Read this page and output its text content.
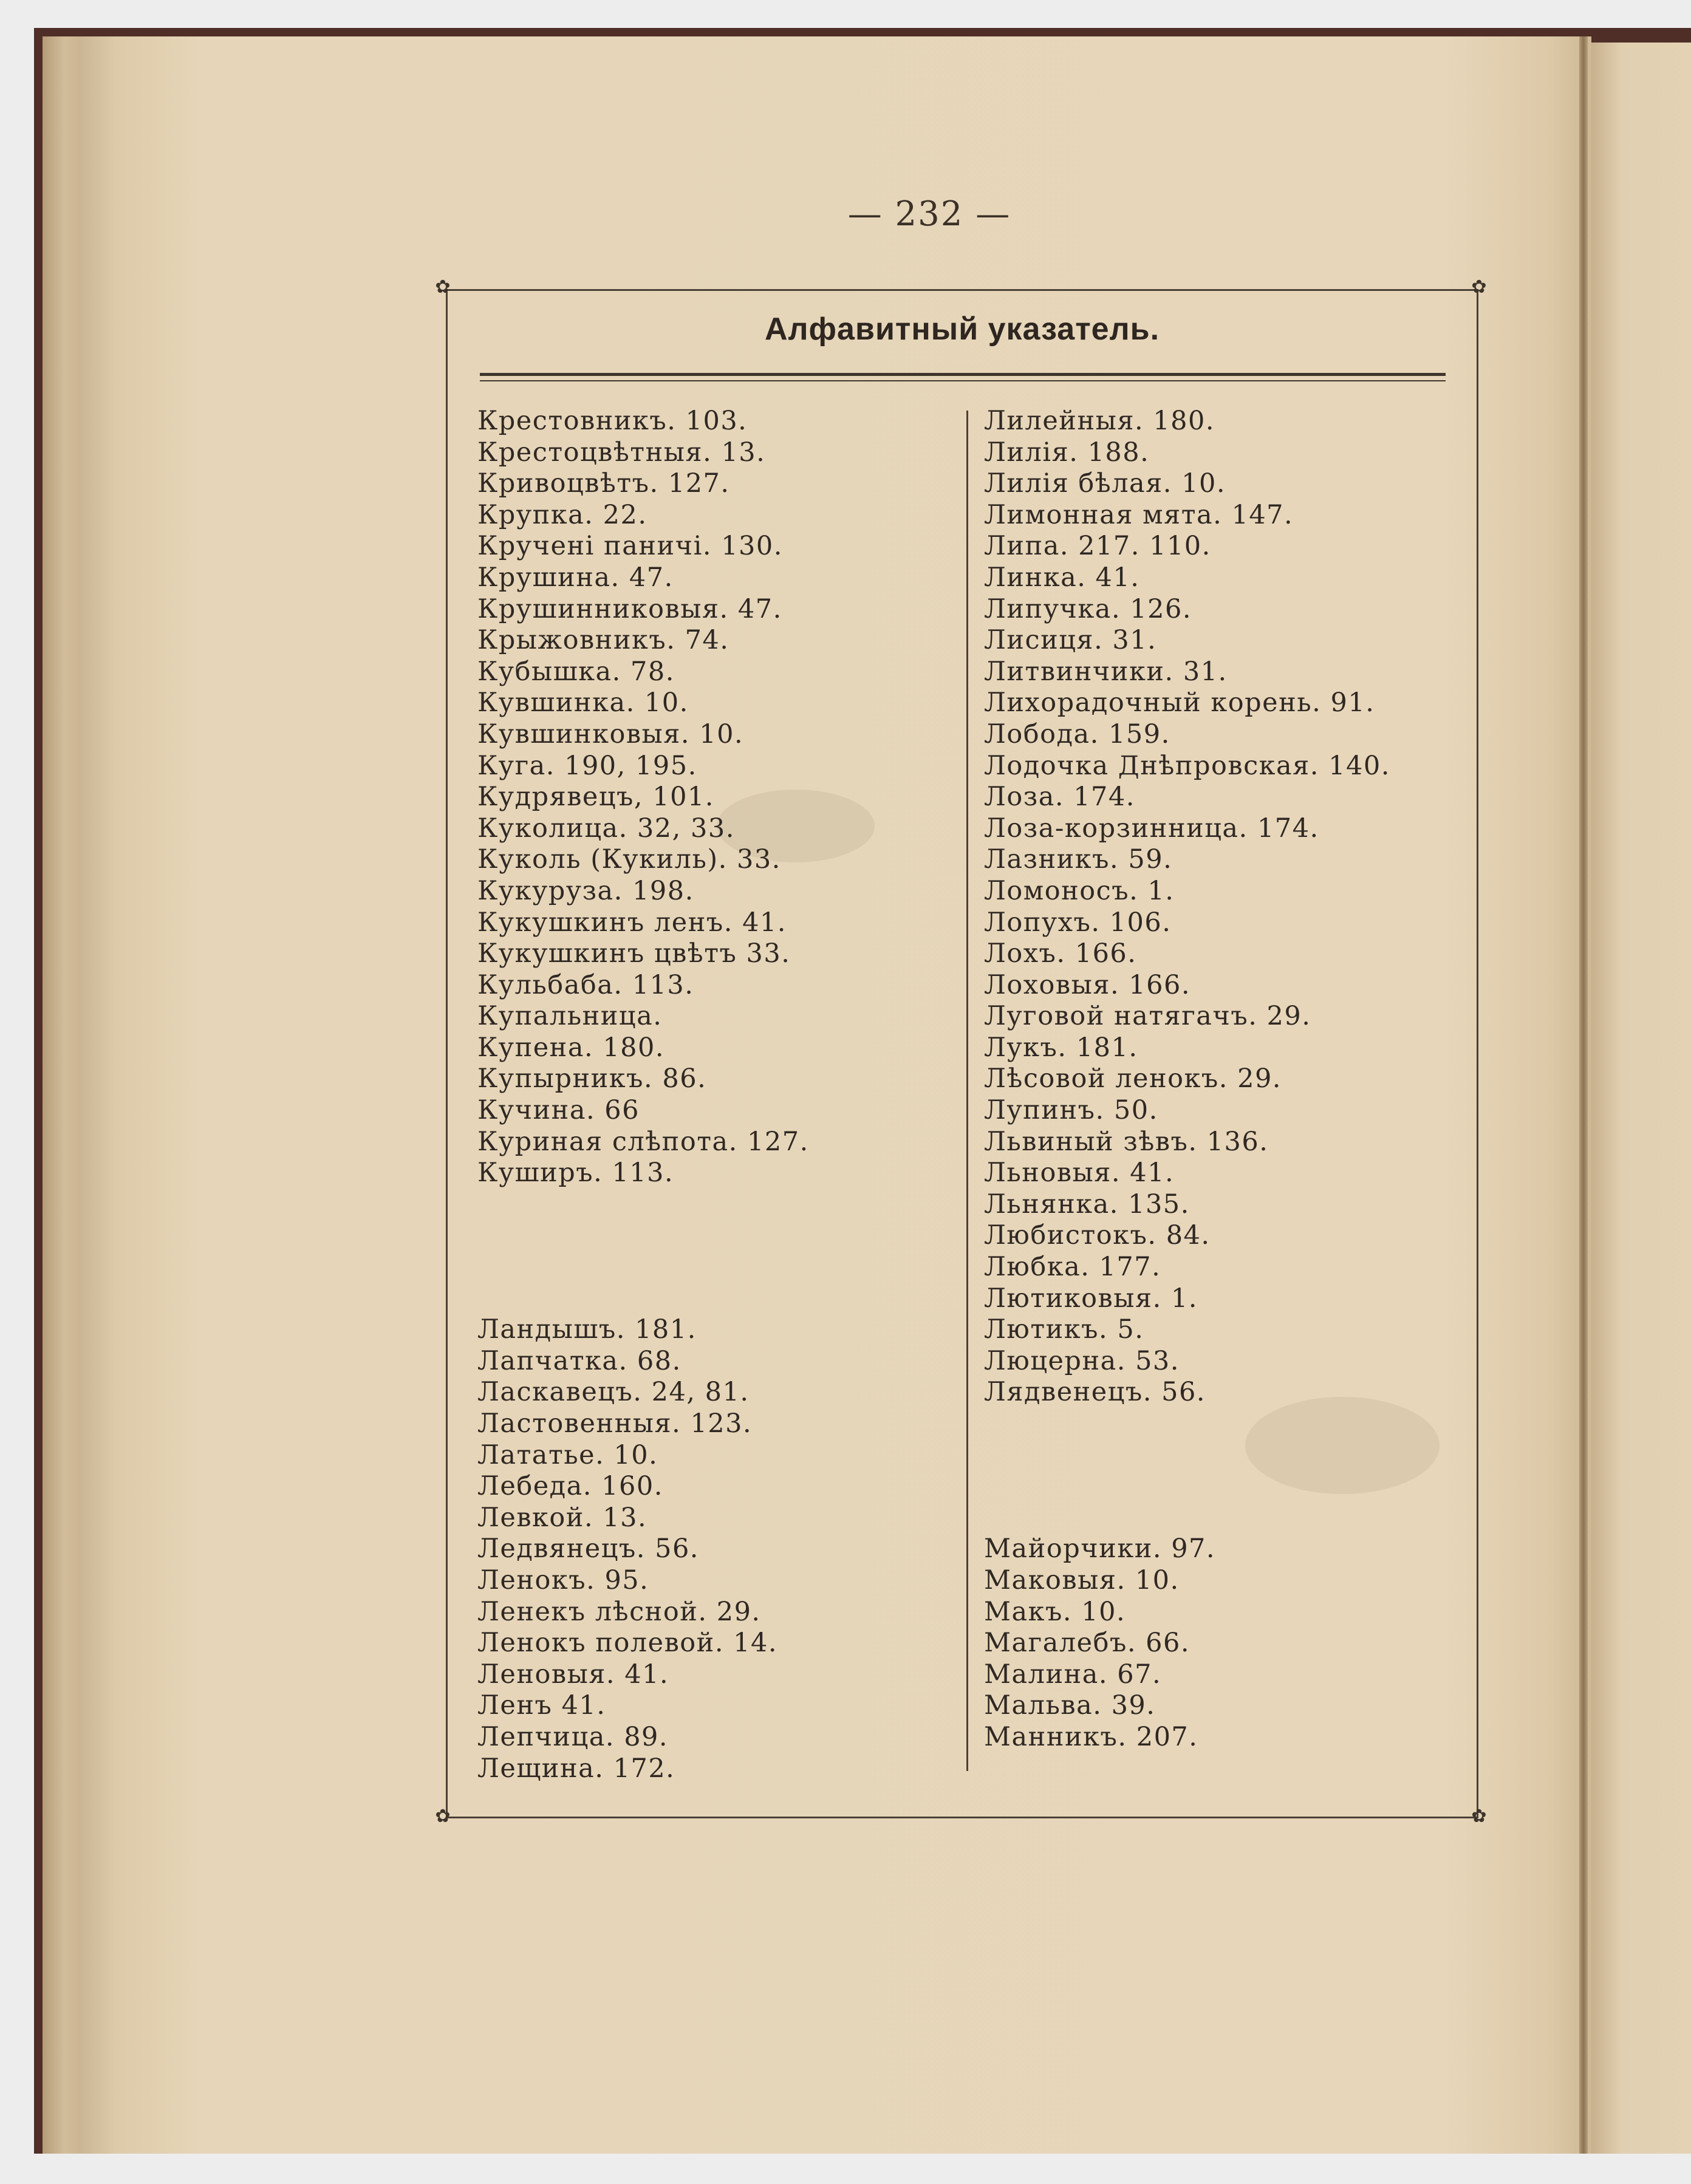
— 232 —
✿	✿
✿	✿
Алфавитный указатель.
Крестовникъ. 103.
Крестоцвѣтныя. 13.
Кривоцвѣтъ. 127.
Крупка. 22.
Кручені паничі. 130.
Крушина. 47.
Крушинниковыя. 47.
Крыжовникъ. 74.
Кубышка. 78.
Кувшинка. 10.
Кувшинковыя. 10.
Куга. 190, 195.
Кудрявецъ, 101.
Куколица. 32, 33.
Куколь (Кукиль). 33.
Кукуруза. 198.
Кукушкинъ ленъ. 41.
Кукушкинъ цвѣтъ 33.
Кульбаба. 113.
Купальница.
Купена. 180.
Купырникъ. 86.
Кучина. 66
Куриная слѣпота. 127.
Куширъ. 113.
Ландышъ. 181.
Лапчатка. 68.
Ласкавецъ. 24, 81.
Ластовенныя. 123.
Лататье. 10.
Лебеда. 160.
Левкой. 13.
Ледвянецъ. 56.
Ленокъ. 95.
Ленекъ лѣсной. 29.
Ленокъ полевой. 14.
Леновыя. 41.
Ленъ 41.
Лепчица. 89.
Лещина. 172.
Лилейныя. 180.
Лилія. 188.
Лилія бѣлая. 10.
Лимонная мята. 147.
Липа. 217. 110.
Линка. 41.
Липучка. 126.
Лисиця. 31.
Литвинчики. 31.
Лихорадочный корень. 91.
Лобода. 159.
Лодочка Днѣпровская. 140.
Лоза. 174.
Лоза-корзинница. 174.
Лазникъ. 59.
Ломоносъ. 1.
Лопухъ. 106.
Лохъ. 166.
Лоховыя. 166.
Луговой натягачъ. 29.
Лукъ. 181.
Лѣсовой ленокъ. 29.
Лупинъ. 50.
Львиный зѣвъ. 136.
Льновыя. 41.
Льнянка. 135.
Любистокъ. 84.
Любка. 177.
Лютиковыя. 1.
Лютикъ. 5.
Люцерна. 53.
Лядвенецъ. 56.
Майорчики. 97.
Маковыя. 10.
Макъ. 10.
Магалебъ. 66.
Малина. 67.
Мальва. 39.
Манникъ. 207.
